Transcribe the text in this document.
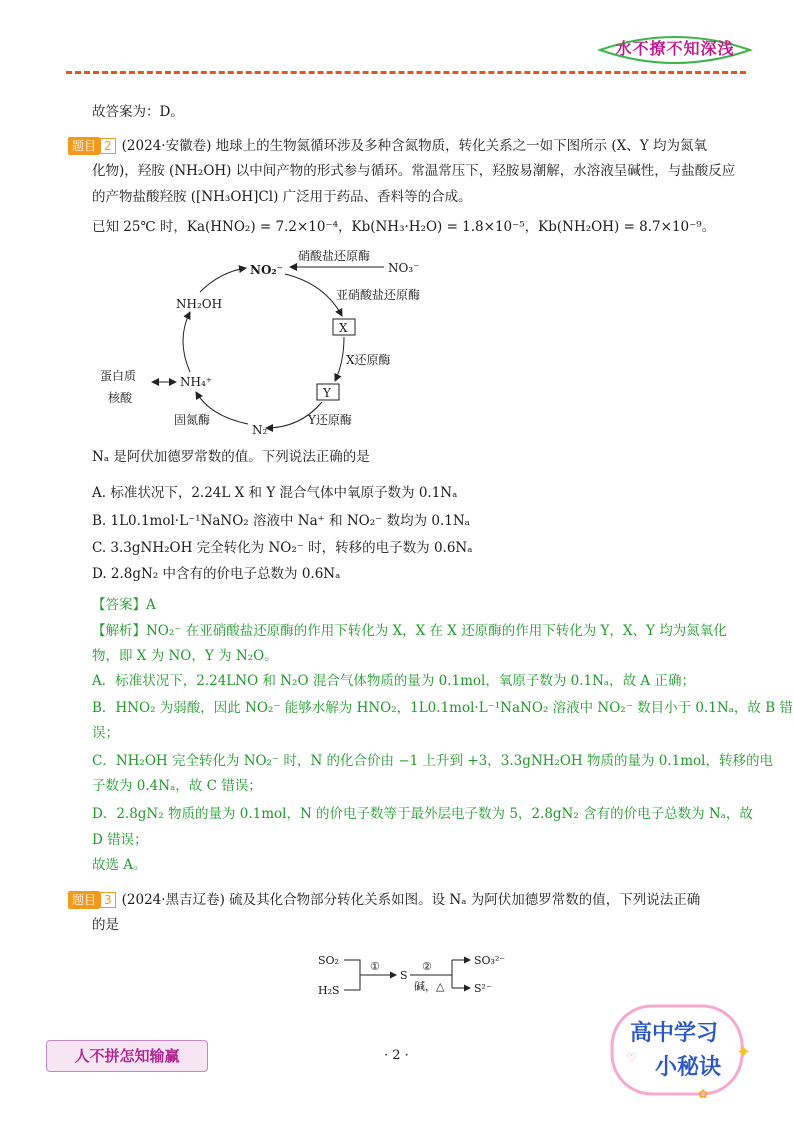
水不撩不知深浅
故答案为：D。
题目 2 (2024·安徽卷) 地球上的生物氮循环涉及多种含氮物质，转化关系之一如下图所示 (X、Y 均为氮氧
化物)，羟胺 (NH₂OH) 以中间产物的形式参与循环。常温常压下，羟胺易潮解，水溶液呈碱性，与盐酸反应
的产物盐酸羟胺 ([NH₃OH]Cl) 广泛用于药品、香料等的合成。
已知 25℃ 时，Ka(HNO₂) = 7.2×10⁻⁴，Kb(NH₃·H₂O) = 1.8×10⁻⁵，Kb(NH₂OH) = 8.7×10⁻⁹。
NO₂⁻	NO₃⁻
硝酸盐还原酶
亚硝酸盐还原酶
X
X还原酶
Y
Y还原酶
N₂
固氮酶
NH₄⁺
蛋白质
核酸
NH₂OH
Nₐ 是阿伏加德罗常数的值。下列说法正确的是
A. 标准状况下，2.24L X 和 Y 混合气体中氧原子数为 0.1Nₐ
B. 1L0.1mol·L⁻¹NaNO₂ 溶液中 Na⁺ 和 NO₂⁻ 数均为 0.1Nₐ
C. 3.3gNH₂OH 完全转化为 NO₂⁻ 时，转移的电子数为 0.6Nₐ
D. 2.8gN₂ 中含有的价电子总数为 0.6Nₐ
【答案】A
【解析】NO₂⁻ 在亚硝酸盐还原酶的作用下转化为 X，X 在 X 还原酶的作用下转化为 Y，X、Y 均为氮氧化
物，即 X 为 NO，Y 为 N₂O。
A．标准状况下，2.24LNO 和 N₂O 混合气体物质的量为 0.1mol，氧原子数为 0.1Nₐ，故 A 正确；
B．HNO₂ 为弱酸，因此 NO₂⁻ 能够水解为 HNO₂，1L0.1mol·L⁻¹NaNO₂ 溶液中 NO₂⁻ 数目小于 0.1Nₐ，故 B 错
误；
C．NH₂OH 完全转化为 NO₂⁻ 时，N 的化合价由 −1 上升到 +3，3.3gNH₂OH 物质的量为 0.1mol，转移的电
子数为 0.4Nₐ，故 C 错误；
D．2.8gN₂ 物质的量为 0.1mol，N 的价电子数等于最外层电子数为 5，2.8gN₂ 含有的价电子总数为 Nₐ，故
D 错误；
故选 A。
题目 3 (2024·黑吉辽卷) 硫及其化合物部分转化关系如图。设 Nₐ 为阿伏加德罗常数的值，下列说法正确
的是
SO₂
H₂S
①
S
②
碱，△
SO₃²⁻
S²⁻
人不拼怎知输赢	· 2 ·
高中学习
小秘诀
✦
♡
✿
